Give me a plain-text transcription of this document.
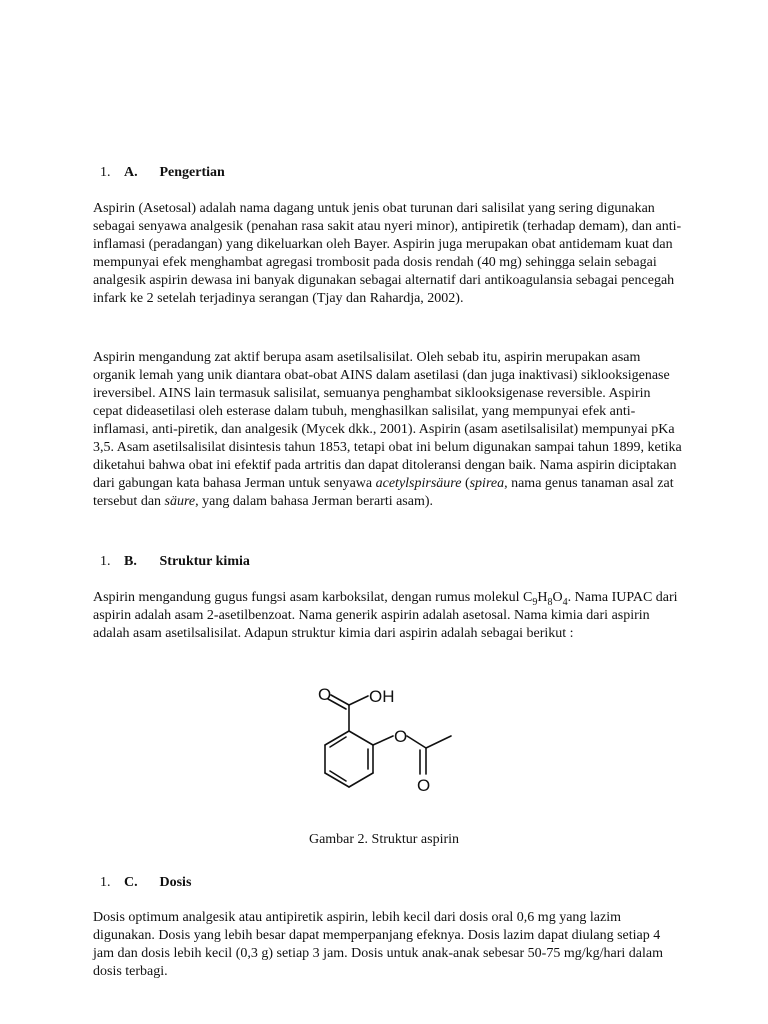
1. A. Pengertian

Aspirin (Asetosal) adalah nama dagang untuk jenis obat turunan dari salisilat yang sering digunakan sebagai senyawa analgesik (penahan rasa sakit atau nyeri minor), antipiretik (terhadap demam), dan anti-inflamasi (peradangan) yang dikeluarkan oleh Bayer. Aspirin juga merupakan obat antidemam kuat dan mempunyai efek menghambat agregasi trombosit pada dosis rendah (40 mg) sehingga selain sebagai analgesik aspirin dewasa ini banyak digunakan sebagai alternatif dari antikoagulansia sebagai pencegah infark ke 2 setelah terjadinya serangan (Tjay dan Rahardja, 2002).

Aspirin mengandung zat aktif berupa asam asetilsalisilat. Oleh sebab itu, aspirin merupakan asam organik lemah yang unik diantara obat-obat AINS dalam asetilasi (dan juga inaktivasi) siklooksigenase ireversibel. AINS lain termasuk salisilat, semuanya penghambat siklooksigenase reversible. Aspirin cepat dideasetilasi oleh esterase dalam tubuh, menghasilkan salisilat, yang mempunyai efek anti-inflamasi, anti-piretik, dan analgesik (Mycek dkk., 2001). Aspirin (asam asetilsalisilat) mempunyai pKa 3,5. Asam asetilsalisilat disintesis tahun 1853, tetapi obat ini belum digunakan sampai tahun 1899, ketika diketahui bahwa obat ini efektif pada artritis dan dapat ditoleransi dengan baik. Nama aspirin diciptakan dari gabungan kata bahasa Jerman untuk senyawa acetylspirsäure (spirea, nama genus tanaman asal zat tersebut dan säure, yang dalam bahasa Jerman berarti asam).

1. B. Struktur kimia

Aspirin mengandung gugus fungsi asam karboksilat, dengan rumus molekul $C_9H_8O_4$. Nama IUPAC dari aspirin adalah asam 2-asetilbenzoat. Nama generik aspirin adalah asetosal. Nama kimia dari aspirin adalah asam asetilsalisilat. Adapun struktur kimia dari aspirin adalah sebagai berikut :

O OH
O
O

Gambar 2. Struktur aspirin

1. C. Dosis

Dosis optimum analgesik atau antipiretik aspirin, lebih kecil dari dosis oral 0,6 mg yang lazim digunakan. Dosis yang lebih besar dapat memperpanjang efeknya. Dosis lazim dapat diulang setiap 4 jam dan dosis lebih kecil (0,3 g) setiap 3 jam. Dosis untuk anak-anak sebesar 50-75 mg/kg/hari dalam dosis terbagi.
